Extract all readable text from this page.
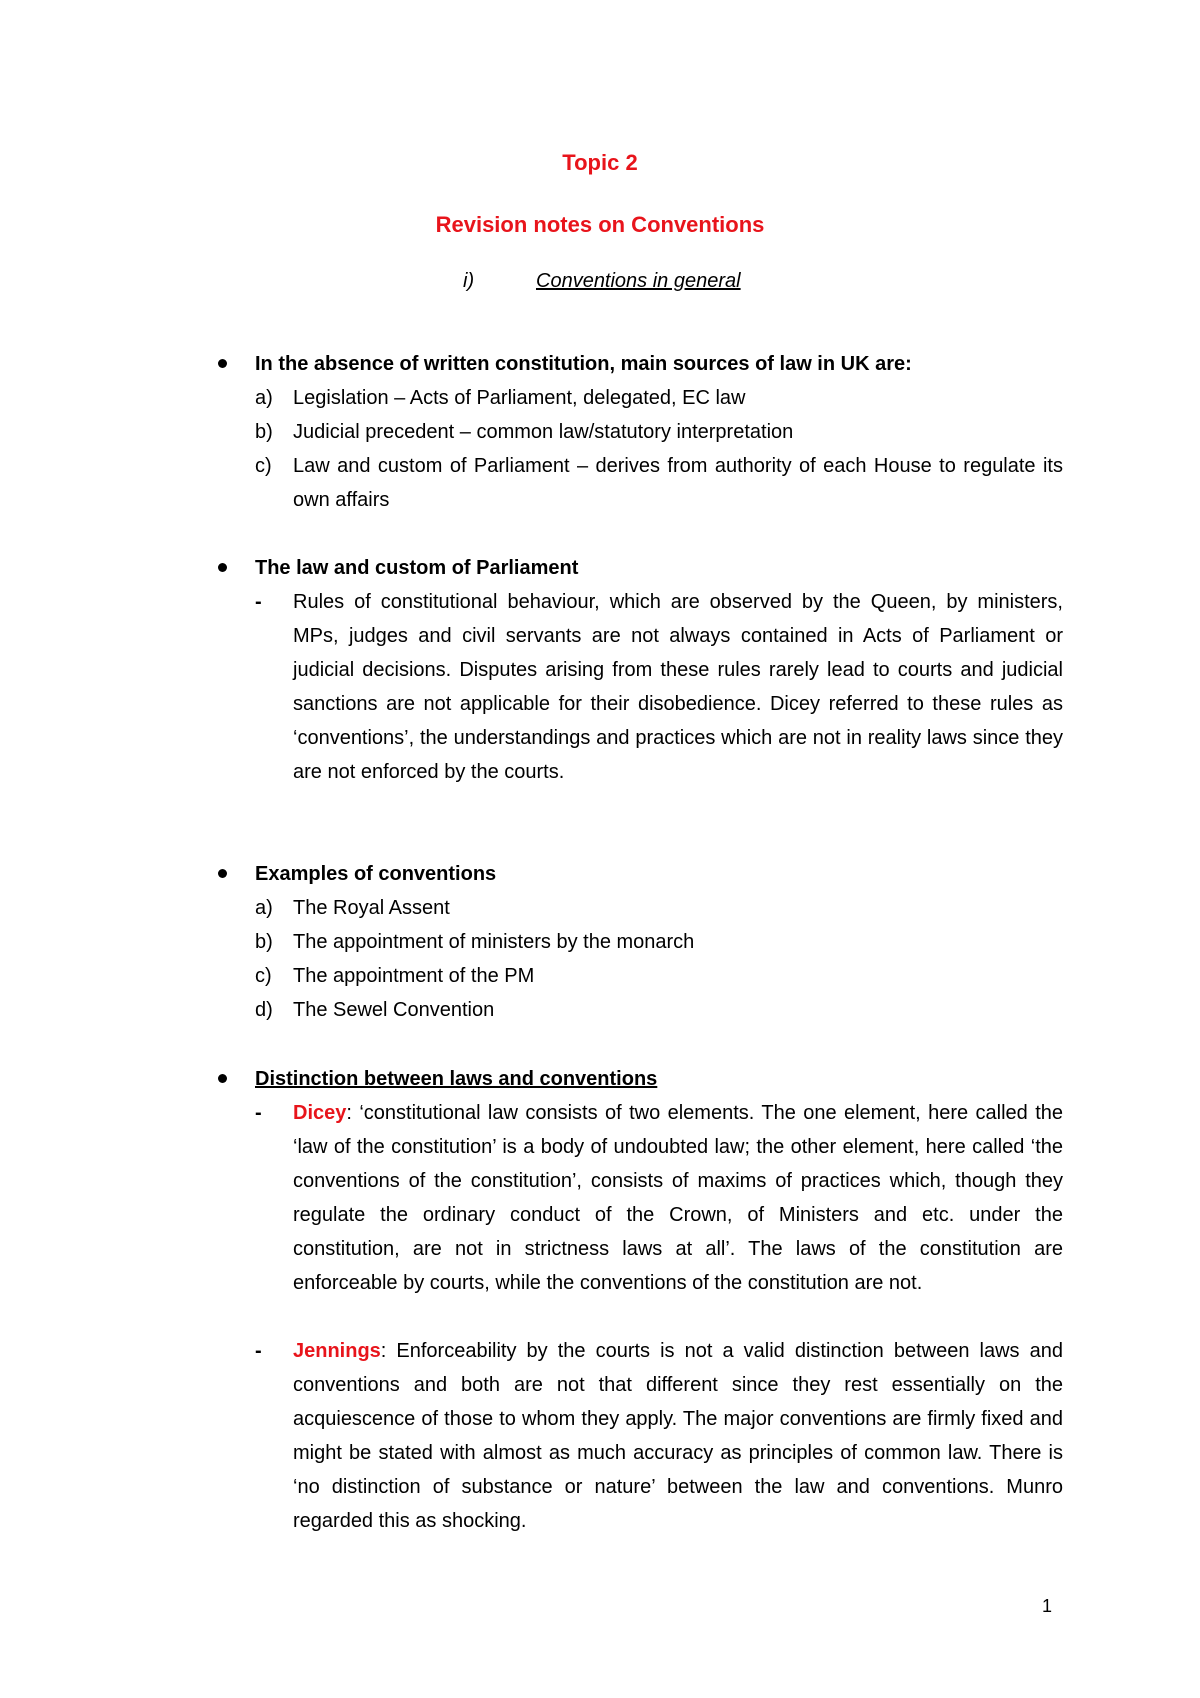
Topic 2
Revision notes on Conventions
i)	Conventions in general
In the absence of written constitution, main sources of law in UK are:
a) Legislation – Acts of Parliament, delegated, EC law
b) Judicial precedent – common law/statutory interpretation
c) Law and custom of Parliament – derives from authority of each House to regulate its own affairs
The law and custom of Parliament
- Rules of constitutional behaviour, which are observed by the Queen, by ministers, MPs, judges and civil servants are not always contained in Acts of Parliament or judicial decisions. Disputes arising from these rules rarely lead to courts and judicial sanctions are not applicable for their disobedience. Dicey referred to these rules as ‘conventions’, the understandings and practices which are not in reality laws since they are not enforced by the courts.
Examples of conventions
a) The Royal Assent
b) The appointment of ministers by the monarch
c) The appointment of the PM
d) The Sewel Convention
Distinction between laws and conventions
- Dicey: ‘constitutional law consists of two elements. The one element, here called the ‘law of the constitution’ is a body of undoubted law; the other element, here called ‘the conventions of the constitution’, consists of maxims of practices which, though they regulate the ordinary conduct of the Crown, of Ministers and etc. under the constitution, are not in strictness laws at all’. The laws of the constitution are enforceable by courts, while the conventions of the constitution are not.
- Jennings: Enforceability by the courts is not a valid distinction between laws and conventions and both are not that different since they rest essentially on the acquiescence of those to whom they apply. The major conventions are firmly fixed and might be stated with almost as much accuracy as principles of common law. There is ‘no distinction of substance or nature’ between the law and conventions. Munro regarded this as shocking.
1
